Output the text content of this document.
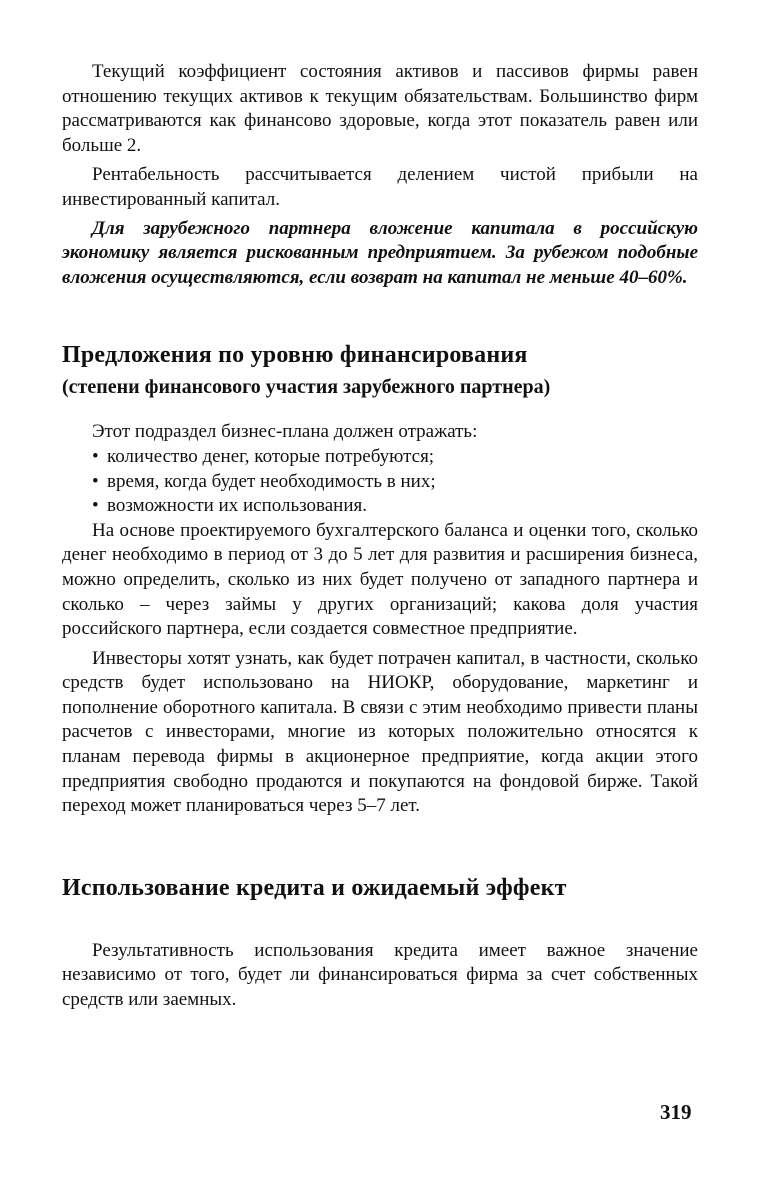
Текущий коэффициент состояния активов и пассивов фирмы равен отношению текущих активов к текущим обязательствам. Большинство фирм рассматриваются как финансово здоровые, когда этот показатель равен или больше 2.

Рентабельность рассчитывается делением чистой прибыли на инвестированный капитал.

Для зарубежного партнера вложение капитала в российскую экономику является рискованным предприятием. За рубежом подобные вложения осуществляются, если возврат на капитал не меньше 40–60%.

Предложения по уровню финансирования
(степени финансового участия зарубежного партнера)

Этот подраздел бизнес-плана должен отражать:

• количество денег, которые потребуются;
• время, когда будет необходимость в них;
• возможности их использования.

На основе проектируемого бухгалтерского баланса и оценки того, сколько денег необходимо в период от 3 до 5 лет для развития и расширения бизнеса, можно определить, сколько из них будет получено от западного партнера и сколько – через займы у других организаций; какова доля участия российского партнера, если создается совместное предприятие.

Инвесторы хотят узнать, как будет потрачен капитал, в частности, сколько средств будет использовано на НИОКР, оборудование, маркетинг и пополнение оборотного капитала. В связи с этим необходимо привести планы расчетов с инвесторами, многие из которых положительно относятся к планам перевода фирмы в акционерное предприятие, когда акции этого предприятия свободно продаются и покупаются на фондовой бирже. Такой переход может планироваться через 5–7 лет.

Использование кредита и ожидаемый эффект

Результативность использования кредита имеет важное значение независимо от того, будет ли финансироваться фирма за счет собственных средств или заемных.

319
